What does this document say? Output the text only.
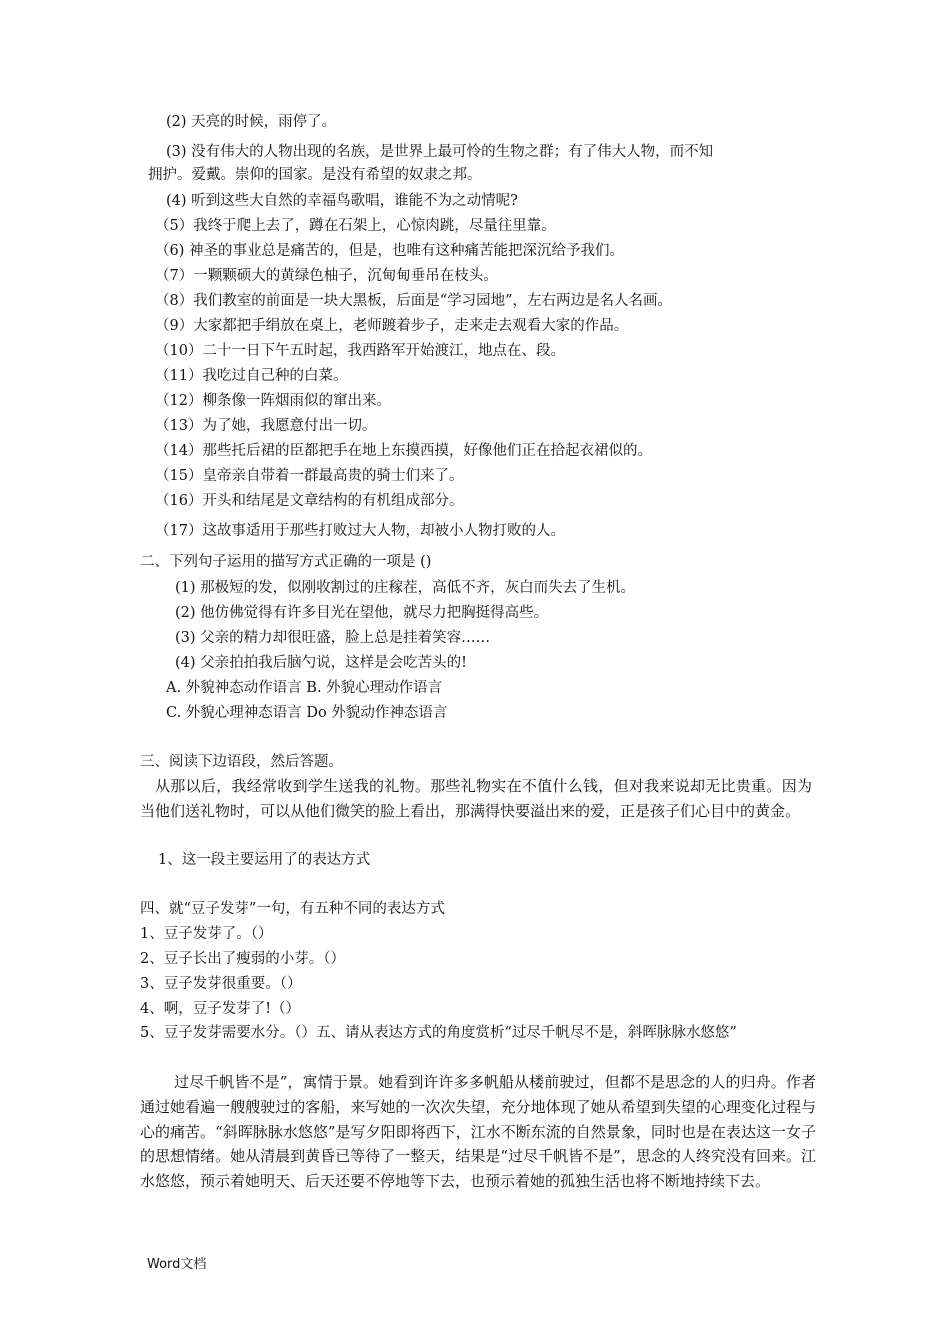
(2) 天亮的时候，雨停了。
(3) 没有伟大的人物出现的名族，是世界上最可怜的生物之群；有了伟大人物，而不知
拥护。爱戴。崇仰的国家。是没有希望的奴隶之邦。
(4) 听到这些大自然的幸福鸟歌唱，谁能不为之动情呢?
（5）我终于爬上去了，蹲在石架上，心惊肉跳，尽量往里靠。
（6) 神圣的事业总是痛苦的，但是，也唯有这种痛苦能把深沉给予我们。
（7）一颗颗硕大的黄绿色柚子，沉甸甸垂吊在枝头。
（8）我们教室的前面是一块大黑板，后面是“学习园地”，左右两边是名人名画。
（9）大家都把手绢放在桌上，老师踱着步子，走来走去观看大家的作品。
（10）二十一日下午五时起，我西路军开始渡江，地点在、段。
（11）我吃过自己种的白菜。
（12）柳条像一阵烟雨似的窜出来。
（13）为了她，我愿意付出一切。
（14）那些托后裙的臣都把手在地上东摸西摸，好像他们正在拾起衣裙似的。
（15）皇帝亲自带着一群最高贵的骑士们来了。
（16）开头和结尾是文章结构的有机组成部分。
（17）这故事适用于那些打败过大人物，却被小人物打败的人。
二、下列句子运用的描写方式正确的一项是 ()
(1) 那极短的发，似刚收割过的庄稼茬，高低不齐，灰白而失去了生机。
(2) 他仿佛觉得有许多目光在望他，就尽力把胸挺得高些。
(3) 父亲的精力却很旺盛，脸上总是挂着笑容……
(4) 父亲拍拍我后脑勺说，这样是会吃苦头的!
A. 外貌神态动作语言 B. 外貌心理动作语言
C. 外貌心理神态语言 Do 外貌动作神态语言
三、阅读下边语段，然后答题。
从那以后，我经常收到学生送我的礼物。那些礼物实在不值什么钱，但对我来说却无比贵重。因为当他们送礼物时，可以从他们微笑的脸上看出，那满得快要溢出来的爱，正是孩子们心目中的黄金。
1、这一段主要运用了的表达方式
四、就“豆子发芽”一句，有五种不同的表达方式
1、豆子发芽了。（）
2、豆子长出了瘦弱的小芽。（）
3、豆子发芽很重要。（）
4、啊，豆子发芽了!（）
5、豆子发芽需要水分。（）五、请从表达方式的角度赏析“过尽千帆尽不是，斜晖脉脉水悠悠”
过尽千帆皆不是”，寓情于景。她看到许许多多帆船从楼前驶过，但都不是思念的人的归舟。作者通过她看遍一艘艘驶过的客船，来写她的一次次失望，充分地体现了她从希望到失望的心理变化过程与心的痛苦。“斜晖脉脉水悠悠”是写夕阳即将西下，江水不断东流的自然景象，同时也是在表达这一女子的思想情绪。她从清晨到黄昏已等待了一整天，结果是“过尽千帆皆不是”，思念的人终究没有回来。江水悠悠，预示着她明天、后天还要不停地等下去，也预示着她的孤独生活也将不断地持续下去。
Word文档
